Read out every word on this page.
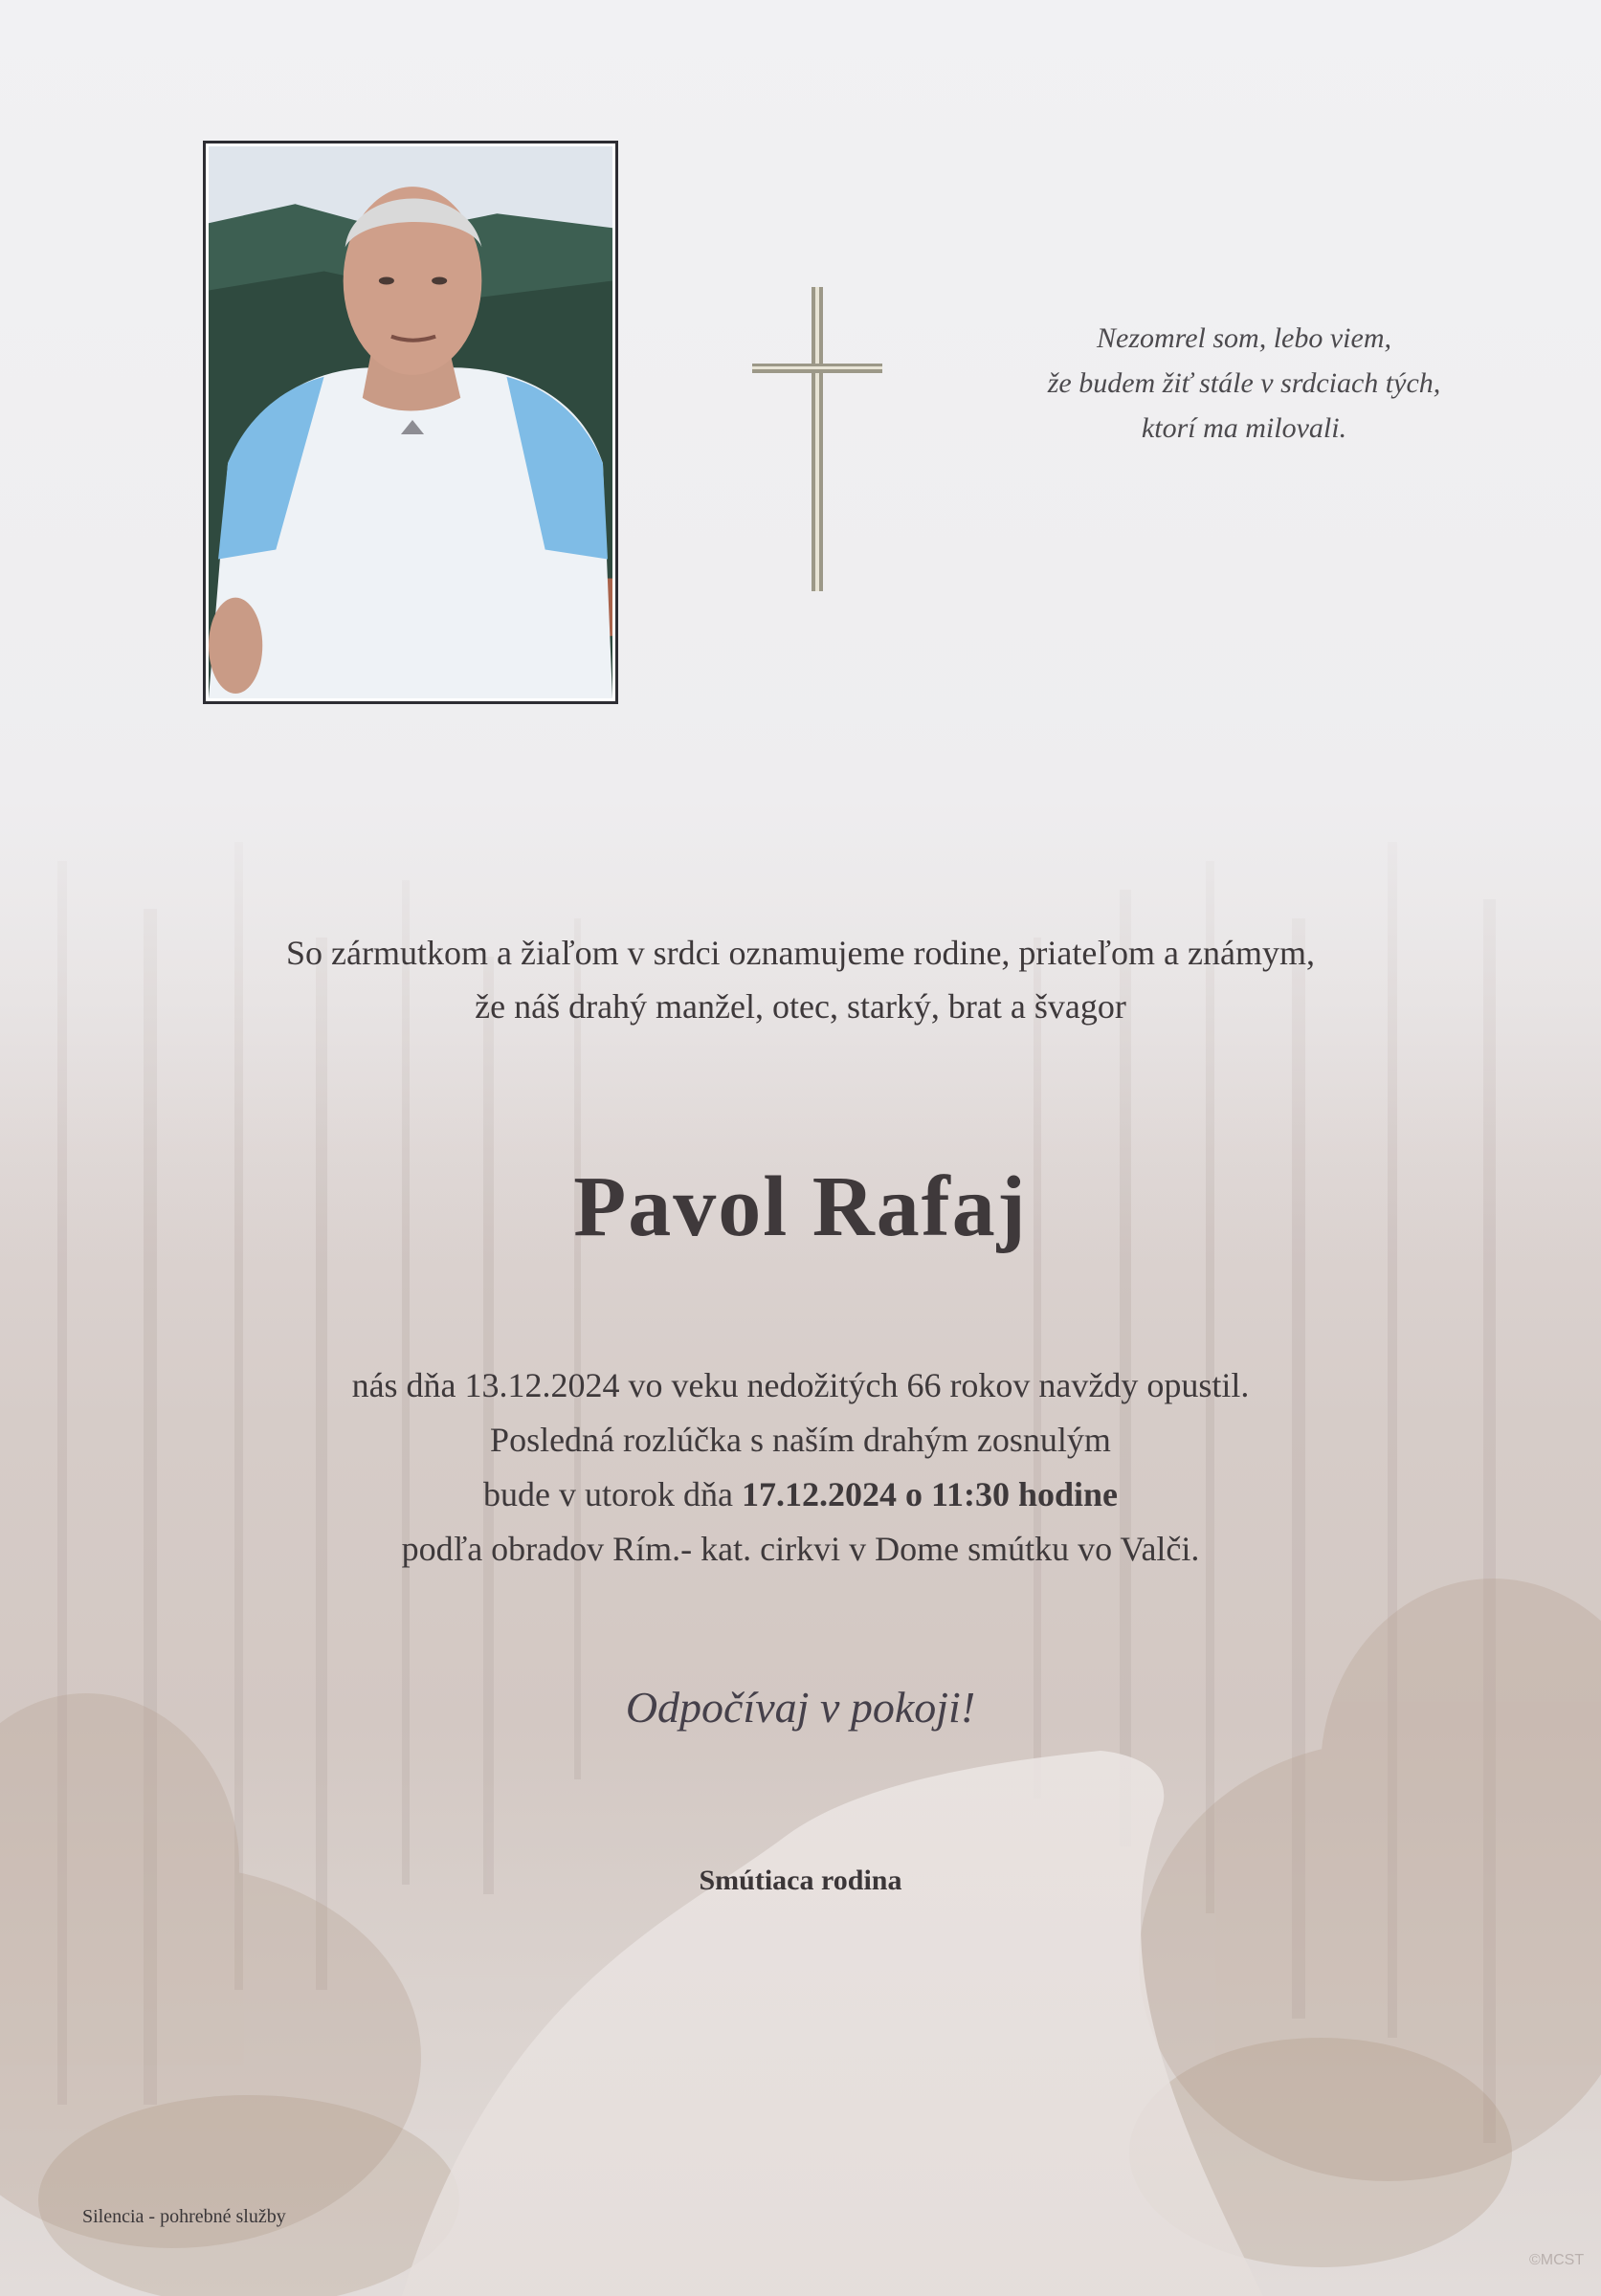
Nezomrel som, lebo viem,
že budem žiť stále v srdciach tých,
ktorí ma milovali.
So zármutkom a žiaľom v srdci oznamujeme rodine, priateľom a známym,
že náš drahý manžel, otec, starký, brat a švagor
Pavol Rafaj
nás dňa 13.12.2024 vo veku nedožitých 66 rokov navždy opustil.
Posledná rozlúčka s naším drahým zosnulým
bude v utorok dňa 17.12.2024 o 11:30 hodine
podľa obradov Rím.- kat. cirkvi v Dome smútku vo Valči.
Odpočívaj v pokoji!
Smútiaca rodina
Silencia - pohrebné služby
©MCST
